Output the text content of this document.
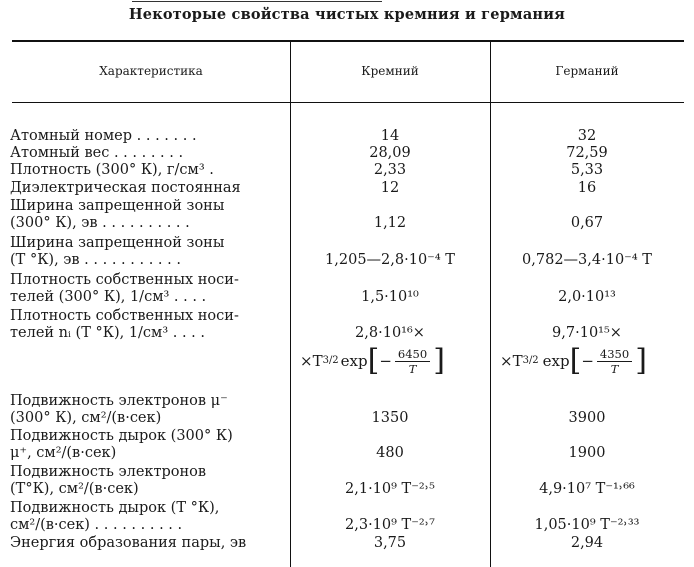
Некоторые свойства чистых кремния и германия
Характеристика	Кремний	Германий
Атомный номер . . . . . . .	14	32
Атомный вес . . . . . . . .	28,09	72,59
Плотность (300° К), г/см³ .	2,33	5,33
Диэлектрическая постоянная	12	16
Ширина запрещенной зоны
(300° К), эв . . . . . . . . . .	1,12	0,67
Ширина запрещенной зоны
(T °К), эв . . . . . . . . . . .	1,205—2,8·10⁻⁴ T	0,782—3,4·10⁻⁴ T
Плотность собственных носи-
телей (300° К), 1/см³ . . . .	1,5·10¹⁰	2,0·10¹³
Плотность собственных носи-
телей nᵢ (T °К), 1/см³ . . . .	2,8·10¹⁶×	9,7·10¹⁵×
×T 3/2 exp [ − $\frac{6450}{T}$ ]	×T 3/2 exp [ − $\frac{4350}{T}$ ]
Подвижность электронов μ⁻
(300° К), см²/(в·сек)	1350	3900
Подвижность дырок (300° К)
μ⁺, см²/(в·сек)	480	1900
Подвижность электронов
(T°К), см²/(в·сек)	2,1·10⁹ T⁻²˒⁵	4,9·10⁷ T⁻¹˒⁶⁶
Подвижность дырок (T °К),
см²/(в·сек) . . . . . . . . . .	2,3·10⁹ T⁻²˒⁷	1,05·10⁹ T⁻²˒³³
Энергия образования пары, эв	3,75	2,94
